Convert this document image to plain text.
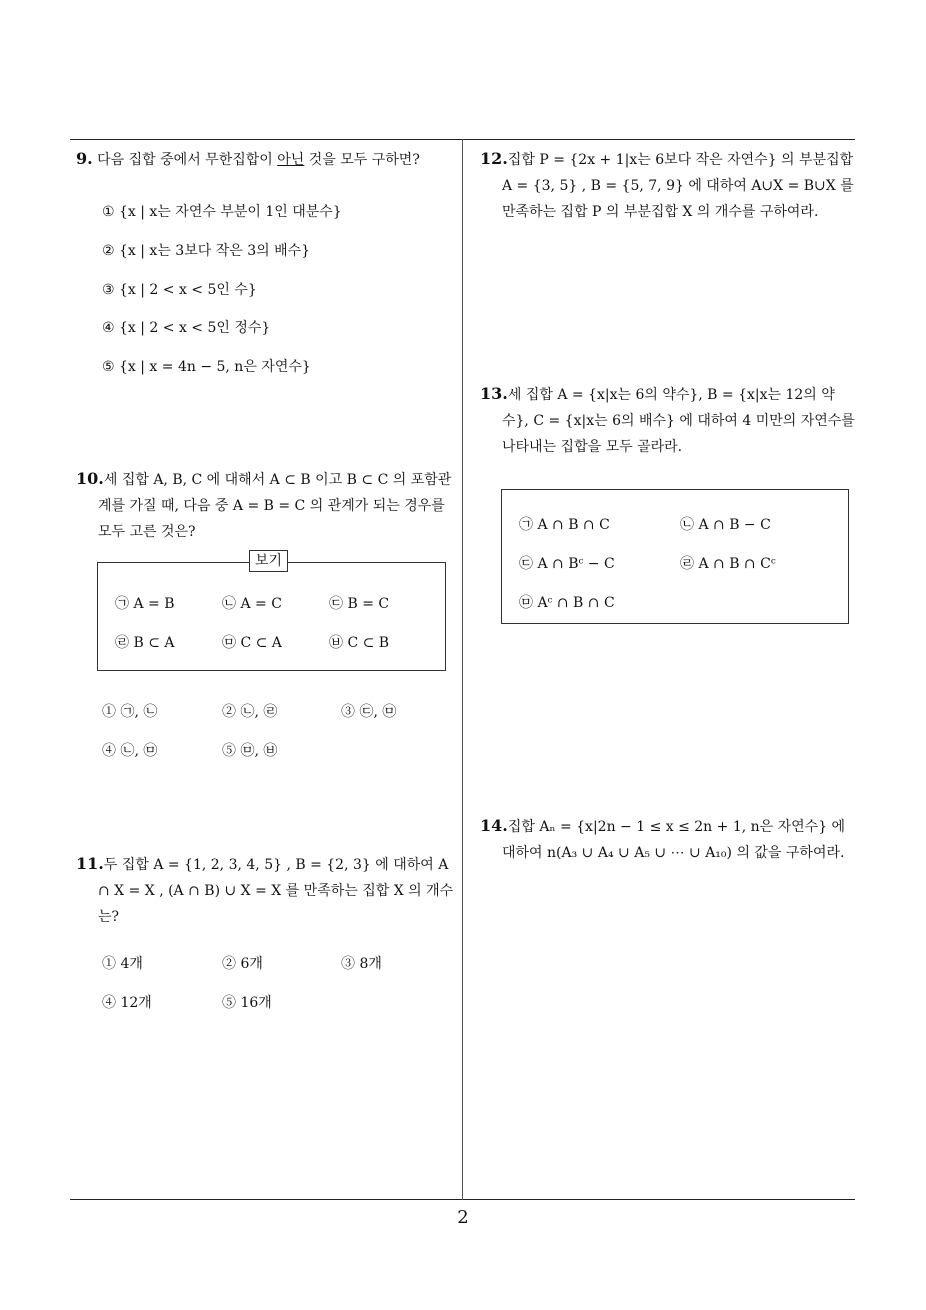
2
9. 다음 집합 중에서 무한집합이 아닌 것을 모두 구하면?
① {x | x는 자연수 부분이 1인 대분수}
② {x | x는 3보다 작은 3의 배수}
③ {x | 2 < x < 5인 수}
④ {x | 2 < x < 5인 정수}
⑤ {x | x = 4n − 5, n은 자연수}
10.세 집합 A, B, C 에 대해서 A ⊂ B 이고 B ⊂ C 의 포함관계를 가질 때, 다음 중 A = B = C 의 관계가 되는 경우를 모두 고른 것은?
보기
㉠ A = B	㉡ A = C	㉢ B = C
㉣ B ⊂ A	㉤ C ⊂ A	㉥ C ⊂ B
① ㉠, ㉡	② ㉡, ㉣	③ ㉢, ㉤
④ ㉡, ㉤	⑤ ㉤, ㉥
11.두 집합 A = {1, 2, 3, 4, 5} , B = {2, 3} 에 대하여 A ∩ X = X , (A ∩ B) ∪ X = X 를 만족하는 집합 X 의 개수는?
① 4개	② 6개	③ 8개
④ 12개	⑤ 16개
12.집합 P = {2x + 1|x는 6보다 작은 자연수} 의 부분집합 A = {3, 5} , B = {5, 7, 9} 에 대하여 A∪X = B∪X 를 만족하는 집합 P 의 부분집합 X 의 개수를 구하여라.
13.세 집합 A = {x|x는 6의 약수}, B = {x|x는 12의 약수}, C = {x|x는 6의 배수} 에 대하여 4 미만의 자연수를 나타내는 집합을 모두 골라라.
㉠ A ∩ B ∩ C	㉡ A ∩ B − C
㉢ A ∩ Bᶜ − C	㉣ A ∩ B ∩ Cᶜ
㉤ Aᶜ ∩ B ∩ C
14.집합 Aₙ = {x|2n − 1 ≤ x ≤ 2n + 1, n은 자연수} 에 대하여 n(A₃ ∪ A₄ ∪ A₅ ∪ ⋯ ∪ A₁₀) 의 값을 구하여라.
